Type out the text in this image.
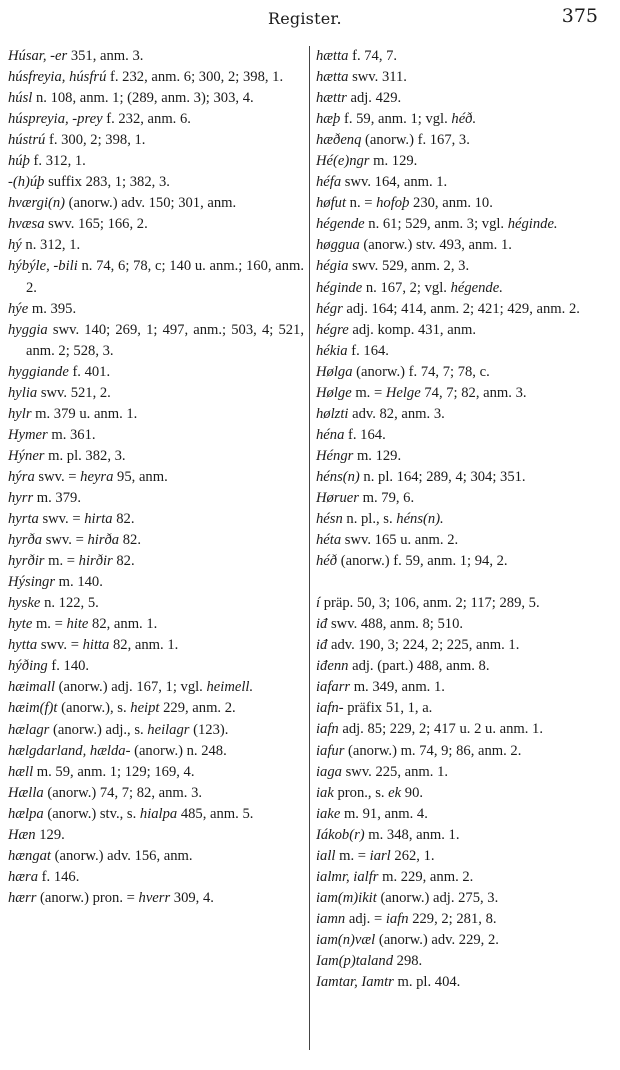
Register.	375

Húsar, -er 351, anm. 3.

húsfreyia, húsfrú f. 232, anm. 6; 300, 2; 398, 1.

húsl n. 108, anm. 1; (289, anm. 3); 303, 4.

húspreyia, -prey f. 232, anm. 6.

hústrú f. 300, 2; 398, 1.

húþ f. 312, 1.

-(h)úþ suffix 283, 1; 382, 3.

hværgi(n) (anorw.) adv. 150; 301, anm.

hvæsa swv. 165; 166, 2.

hý n. 312, 1.

hýbýle, -bili n. 74, 6; 78, c; 140 u. anm.; 160, anm. 2.

hýe m. 395.

hyggia swv. 140; 269, 1; 497, anm.; 503, 4; 521, anm. 2; 528, 3.

hyggiande f. 401.

hylia swv. 521, 2.

hylr m. 379 u. anm. 1.

Hymer m. 361.

Hýner m. pl. 382, 3.

hýra swv. = heyra 95, anm.

hyrr m. 379.

hyrta swv. = hirta 82.

hyrða swv. = hirða 82.

hyrðir m. = hirðir 82.

Hýsingr m. 140.

hyske n. 122, 5.

hyte m. = hite 82, anm. 1.

hytta swv. = hitta 82, anm. 1.

hýðing f. 140.

hæimall (anorw.) adj. 167, 1; vgl. heimell.

hæim(f)t (anorw.), s. heipt 229, anm. 2.

hælagr (anorw.) adj., s. heilagr (123).

hælgdarland, hælda- (anorw.) n. 248.

hæll m. 59, anm. 1; 129; 169, 4.

Hælla (anorw.) 74, 7; 82, anm. 3.

hælpa (anorw.) stv., s. hialpa 485, anm. 5.

Hæn 129.

hængat (anorw.) adv. 156, anm.

hæra f. 146.

hærr (anorw.) pron. = hverr 309, 4.

hætta f. 74, 7.

hætta swv. 311.

hættr adj. 429.

hæþ f. 59, anm. 1; vgl. héð.

hæðenq (anorw.) f. 167, 3.

Hé(e)ngr m. 129.

héfa swv. 164, anm. 1.

høfut n. = hofoþ 230, anm. 10.

hégende n. 61; 529, anm. 3; vgl. héginde.

høggua (anorw.) stv. 493, anm. 1.

hégia swv. 529, anm. 2, 3.

héginde n. 167, 2; vgl. hégende.

hégr adj. 164; 414, anm. 2; 421; 429, anm. 2.

hégre adj. komp. 431, anm.

hékia f. 164.

Hølga (anorw.) f. 74, 7; 78, c.

Hølge m. = Helge 74, 7; 82, anm. 3.

hølzti adv. 82, anm. 3.

héna f. 164.

Héngr m. 129.

héns(n) n. pl. 164; 289, 4; 304; 351.

Høruer m. 79, 6.

hésn n. pl., s. héns(n).

héta swv. 165 u. anm. 2.

héð (anorw.) f. 59, anm. 1; 94, 2.

í präp. 50, 3; 106, anm. 2; 117; 289, 5.

iđ swv. 488, anm. 8; 510.

iđ adv. 190, 3; 224, 2; 225, anm. 1.

iđenn adj. (part.) 488, anm. 8.

iafarr m. 349, anm. 1.

iafn- präfix 51, 1, a.

iafn adj. 85; 229, 2; 417 u. 2 u. anm. 1.

iafur (anorw.) m. 74, 9; 86, anm. 2.

iaga swv. 225, anm. 1.

iak pron., s. ek 90.

iake m. 91, anm. 4.

Iákob(r) m. 348, anm. 1.

iall m. = iarl 262, 1.

ialmr, ialfr m. 229, anm. 2.

iam(m)ikit (anorw.) adj. 275, 3.

iamn adj. = iafn 229, 2; 281, 8.

iam(n)væl (anorw.) adv. 229, 2.

Iam(p)taland 298.

Iamtar, Iamtr m. pl. 404.
